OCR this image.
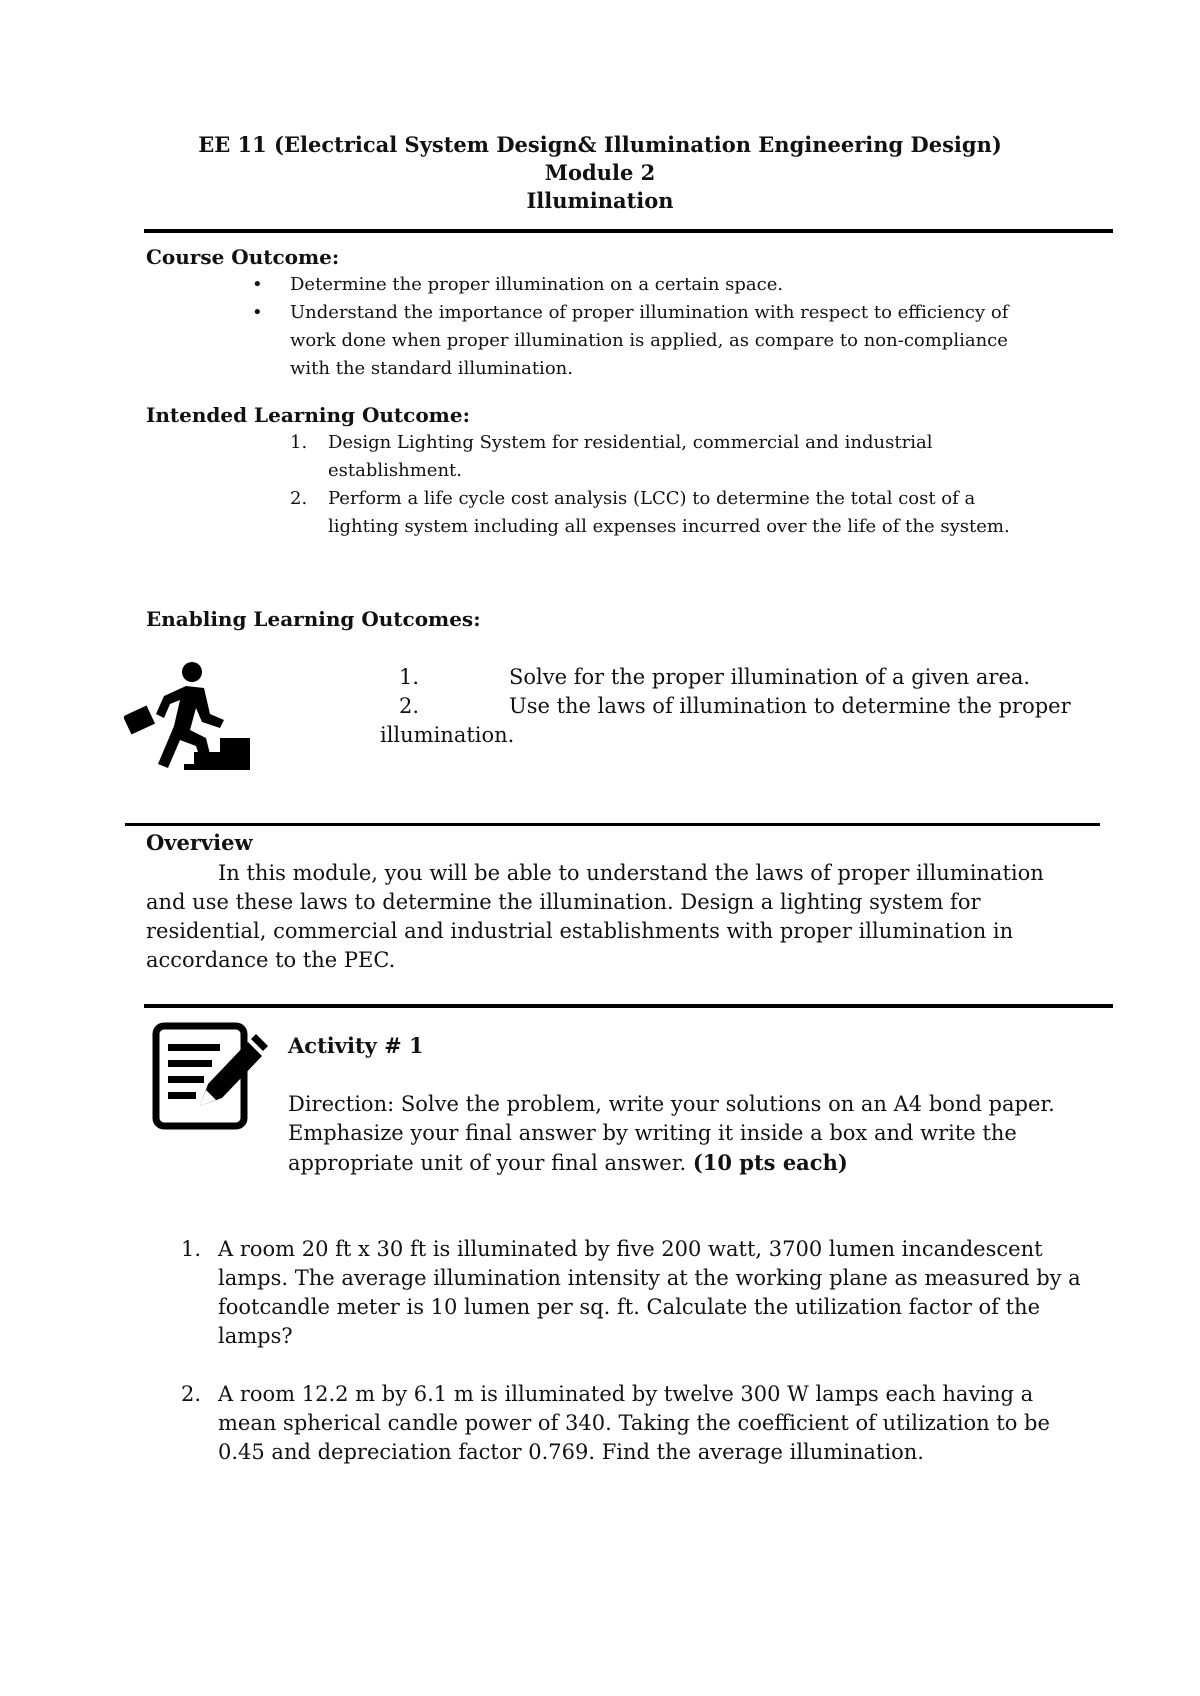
EE 11 (Electrical System Design& Illumination Engineering Design)
Module 2
Illumination
Course Outcome:
• Determine the proper illumination on a certain space.
• Understand the importance of proper illumination with respect to efficiency of
work done when proper illumination is applied, as compare to non-compliance
with the standard illumination.
Intended Learning Outcome:
1. Design Lighting System for residential, commercial and industrial
establishment.
2. Perform a life cycle cost analysis (LCC) to determine the total cost of a
lighting system including all expenses incurred over the life of the system.
Enabling Learning Outcomes:
1.	Solve for the proper illumination of a given area.
2.	Use the laws of illumination to determine the proper
illumination.
Overview
In this module, you will be able to understand the laws of proper illumination
and use these laws to determine the illumination. Design a lighting system for
residential, commercial and industrial establishments with proper illumination in
accordance to the PEC.
Activity # 1
Direction: Solve the problem, write your solutions on an A4 bond paper.
Emphasize your final answer by writing it inside a box and write the
appropriate unit of your final answer. (10 pts each)
1. A room 20 ft x 30 ft is illuminated by five 200 watt, 3700 lumen incandescent
lamps. The average illumination intensity at the working plane as measured by a
footcandle meter is 10 lumen per sq. ft. Calculate the utilization factor of the
lamps?
2. A room 12.2 m by 6.1 m is illuminated by twelve 300 W lamps each having a
mean spherical candle power of 340. Taking the coefficient of utilization to be
0.45 and depreciation factor 0.769. Find the average illumination.
